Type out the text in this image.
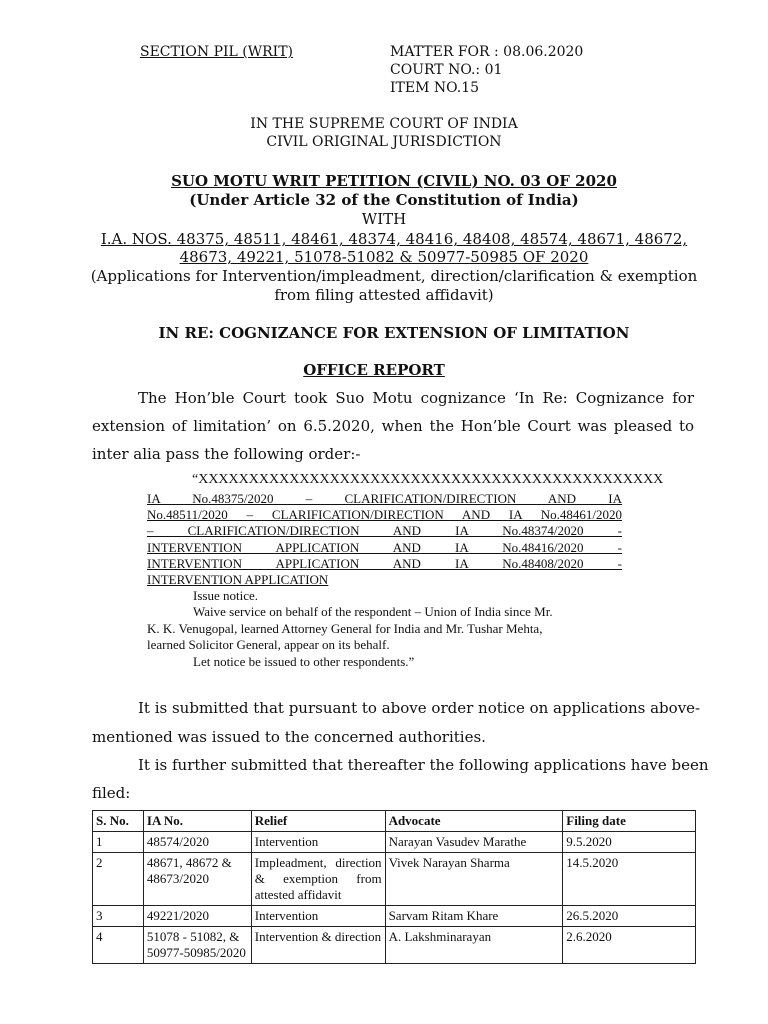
SECTION PIL (WRIT)	MATTER FOR : 08.06.2020
COURT NO.: 01
ITEM NO.15
IN THE SUPREME COURT OF INDIA
CIVIL ORIGINAL JURISDICTION
SUO MOTU WRIT PETITION (CIVIL) NO. 03 OF 2020
(Under Article 32 of the Constitution of India)
WITH
I.A. NOS. 48375, 48511, 48461, 48374, 48416, 48408, 48574, 48671, 48672,
48673, 49221, 51078-51082 & 50977-50985 OF 2020
(Applications for Intervention/impleadment, direction/clarification & exemption
from filing attested affidavit)
IN RE: COGNIZANCE FOR EXTENSION OF LIMITATION
OFFICE REPORT
The Hon’ble Court took Suo Motu cognizance ‘In Re: Cognizance for
extension of limitation’ on 6.5.2020, when the Hon’ble Court was pleased to
inter alia pass the following order:-
“XXXXXXXXXXXXXXXXXXXXXXXXXXXXXXXXXXXXXXXXXXXXXX
IA No.48375/2020 – CLARIFICATION/DIRECTION AND IA
No.48511/2020 – CLARIFICATION/DIRECTION AND IA No.48461/2020
– CLARIFICATION/DIRECTION AND IA No.48374/2020 -
INTERVENTION APPLICATION AND IA No.48416/2020 -
INTERVENTION APPLICATION AND IA No.48408/2020 -
INTERVENTION APPLICATION
Issue notice.
Waive service on behalf of the respondent – Union of India since Mr.
K. K. Venugopal, learned Attorney General for India and Mr. Tushar Mehta,
learned Solicitor General, appear on its behalf.
Let notice be issued to other respondents.”
It is submitted that pursuant to above order notice on applications above-
mentioned was issued to the concerned authorities.
It is further submitted that thereafter the following applications have been
filed:
S. No.	IA No.	Relief	Advocate	Filing date
1	48574/2020	Intervention	Narayan Vasudev Marathe	9.5.2020
2	48671, 48672 & 48673/2020	Impleadment, direction & exemption from attested affidavit	Vivek Narayan Sharma	14.5.2020
3	49221/2020	Intervention	Sarvam Ritam Khare	26.5.2020
4	51078 - 51082, & 50977-50985/2020	Intervention & direction	A. Lakshminarayan	2.6.2020
